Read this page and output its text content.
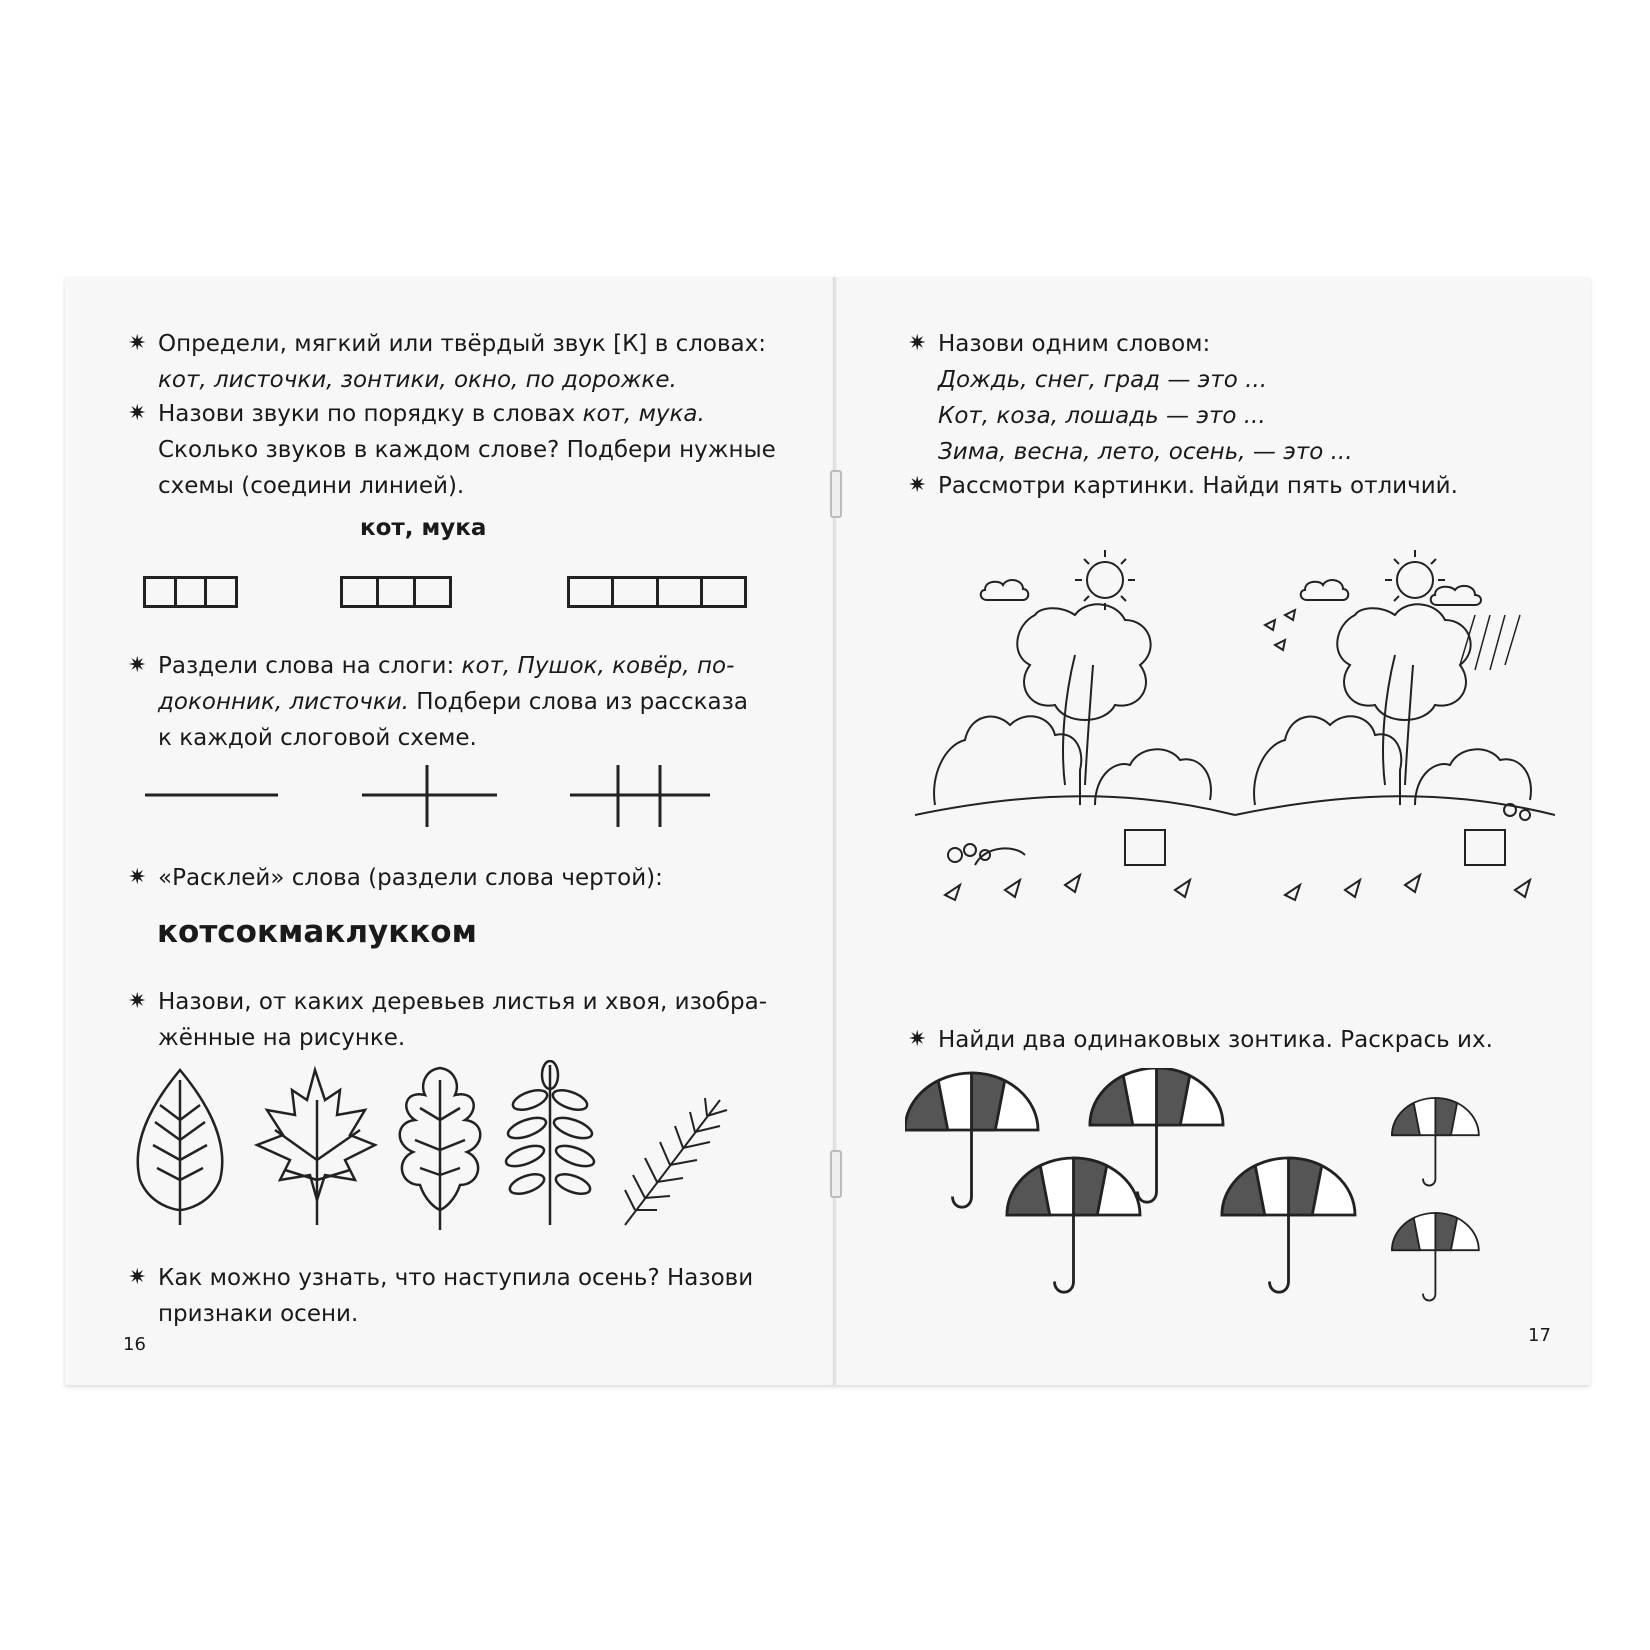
✷ Определи, мягкий или твёрдый звук [К] в словах:
кот, листочки, зонтики, окно, по дорожке.
✷ Назови звуки по порядку в словах кот, мука.
Сколько звуков в каждом слове? Подбери нужные
схемы (соедини линией).
кот, мука
✷ Раздели слова на слоги: кот, Пушок, ковёр, по-
доконник, листочки. Подбери слова из рассказа
к каждой слоговой схеме.
✷ «Расклей» слова (раздели слова чертой):
котсокмаклукком
✷ Назови, от каких деревьев листья и хвоя, изобра-
жённые на рисунке.
✷ Как можно узнать, что наступила осень? Назови
признаки осени.
16
✷ Назови одним словом:
Дождь, снег, град — это ...
Кот, коза, лошадь — это ...
Зима, весна, лето, осень, — это ...
✷ Рассмотри картинки. Найди пять отличий.
✷ Найди два одинаковых зонтика. Раскрась их.
17
